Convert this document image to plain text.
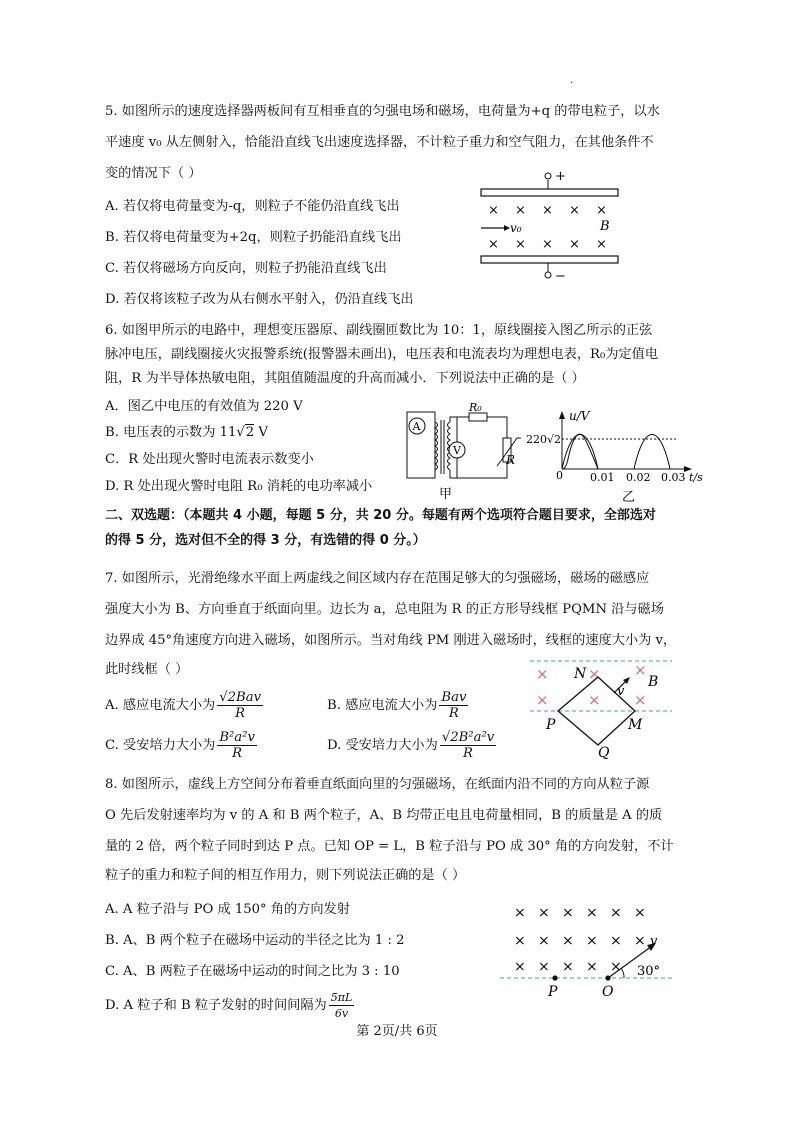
.
5. 如图所示的速度选择器两板间有互相垂直的匀强电场和磁场，电荷量为+q 的带电粒子，以水
平速度 v₀ 从左侧射入，恰能沿直线飞出速度选择器，不计粒子重力和空气阻力，在其他条件不
变的情况下（ ）
A. 若仅将电荷量变为-q，则粒子不能仍沿直线飞出
B. 若仅将电荷量变为+2q，则粒子扔能沿直线飞出
C. 若仅将磁场方向反向，则粒子扔能沿直线飞出
D. 若仅将该粒子改为从右侧水平射入，仍沿直线飞出
+
× × × × ×
B
v₀
× × × × ×
−
6. 如图甲所示的电路中，理想变压器原、副线圈匝数比为 10：1，原线圈接入图乙所示的正弦
脉冲电压，副线圈接火灾报警系统(报警器未画出)，电压表和电流表均为理想电表，R₀为定值电
阻，R 为半导体热敏电阻，其阻值随温度的升高而减小．下列说法中正确的是（ ）
A．图乙中电压的有效值为 220 V
B. 电压表的示数为 11√2 V
C．R 处出现火警时电流表示数变小
D. R 处出现火警时电阻 R₀ 消耗的电功率减小
A
V
R₀
R
甲
u/V
220√2
0 0.01 0.02 0.03 t/s
乙
二、双选题：（本题共 4 小题，每题 5 分，共 20 分。每题有两个选项符合题目要求，全部选对
的得 5 分，选对但不全的得 3 分，有选错的得 0 分。）
7. 如图所示，光滑绝缘水平面上两虚线之间区域内存在范围足够大的匀强磁场，磁场的磁感应
强度大小为 B、方向垂直于纸面向里。边长为 a，总电阻为 R 的正方形导线框 PQMN 沿与磁场
边界成 45°角速度方向进入磁场，如图所示。当对角线 PM 刚进入磁场时，线框的速度大小为 v，
此时线框（ ）
A. 感应电流大小为 $\frac{\text{√2Bav}}{R}$	B. 感应电流大小为 $\frac{\text{Bav}}{R}$
C. 受安培力大小为 $\frac{\text{B²a²v}}{R}$	D. 受安培力大小为 $\frac{\text{√2B²a²v}}{R}$
×	× ×
×	× ×
v
B
N
P	M
Q
8. 如图所示，虚线上方空间分布着垂直纸面向里的匀强磁场，在纸面内沿不同的方向从粒子源
O 先后发射速率均为 v 的 A 和 B 两个粒子，A、B 均带正电且电荷量相同，B 的质量是 A 的质
量的 2 倍，两个粒子同时到达 P 点。已知 OP = L，B 粒子沿与 PO 成 30° 角的方向发射，不计
粒子的重力和粒子间的相互作用力，则下列说法正确的是（ ）
A. A 粒子沿与 PO 成 150° 角的方向发射
B. A、B 两个粒子在磁场中运动的半径之比为 1 : 2
C. A、B 两粒子在磁场中运动的时间之比为 3 : 10
D. A 粒子和 B 粒子发射的时间间隔为 $\frac{5\pi L}{6v}$
× × × × × ×
× × × × × ×
× × × × ×
P	O
v
30°
第 2页/共 6页
